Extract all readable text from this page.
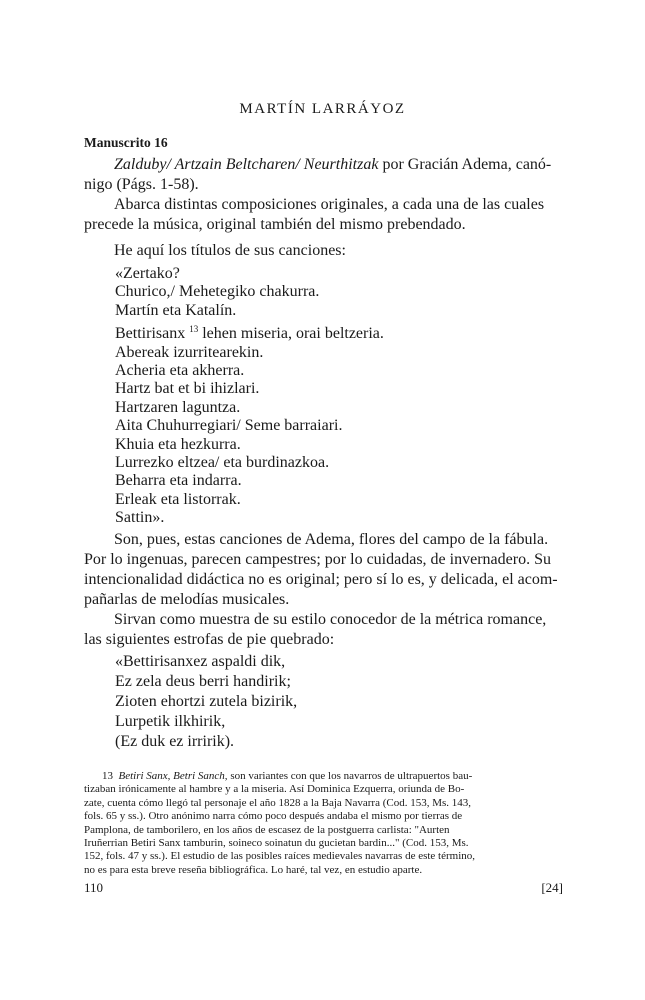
MARTÍN LARRÁYOZ
Manuscrito 16

Zalduby/ Artzain Beltcharen/ Neurthitzak por Gracián Adema, canó-

nigo (Págs. 1-58).

Abarca distintas composiciones originales, a cada una de las cuales

precede la música, original también del mismo prebendado.

He aquí los títulos de sus canciones:

«Zertako?
Churico,/ Mehetegiko chakurra.
Martín eta Katalín.
Bettirisanx $^{13}$ lehen miseria, orai beltzeria.
Abereak izurritearekin.
Acheria eta akherra.
Hartz bat et bi ihizlari.
Hartzaren laguntza.
Aita Chuhurregiari/ Seme barraiari.
Khuia eta hezkurra.
Lurrezko eltzea/ eta burdinazkoa.
Beharra eta indarra.
Erleak eta listorrak.
Sattin».

Son, pues, estas canciones de Adema, flores del campo de la fábula.

Por lo ingenuas, parecen campestres; por lo cuidadas, de invernadero. Su

intencionalidad didáctica no es original; pero sí lo es, y delicada, el acom-

pañarlas de melodías musicales.

Sirvan como muestra de su estilo conocedor de la métrica romance,

las siguientes estrofas de pie quebrado:

«Bettirisanxez aspaldi dik,
Ez zela deus berri handirik;
Zioten ehortzi zutela bizirik,
Lurpetik ilkhirik,
(Ez duk ez irririk).

13 Betiri Sanx, Betri Sanch, son variantes con que los navarros de ultrapuertos bau-

tizaban irónicamente al hambre y a la miseria. Así Dominica Ezquerra, oriunda de Bo-
zate, cuenta cómo llegó tal personaje el año 1828 a la Baja Navarra (Cod. 153, Ms. 143,
fols. 65 y ss.). Otro anónimo narra cómo poco después andaba el mismo por tierras de
Pamplona, de tamborilero, en los años de escasez de la postguerra carlista: "Aurten
Iruñerrian Betiri Sanx tamburin, soineco soinatun du gucietan bardin..." (Cod. 153, Ms.
152, fols. 47 y ss.). El estudio de las posibles raíces medievales navarras de este término,
no es para esta breve reseña bibliográfica. Lo haré, tal vez, en estudio aparte.
110	[24]
